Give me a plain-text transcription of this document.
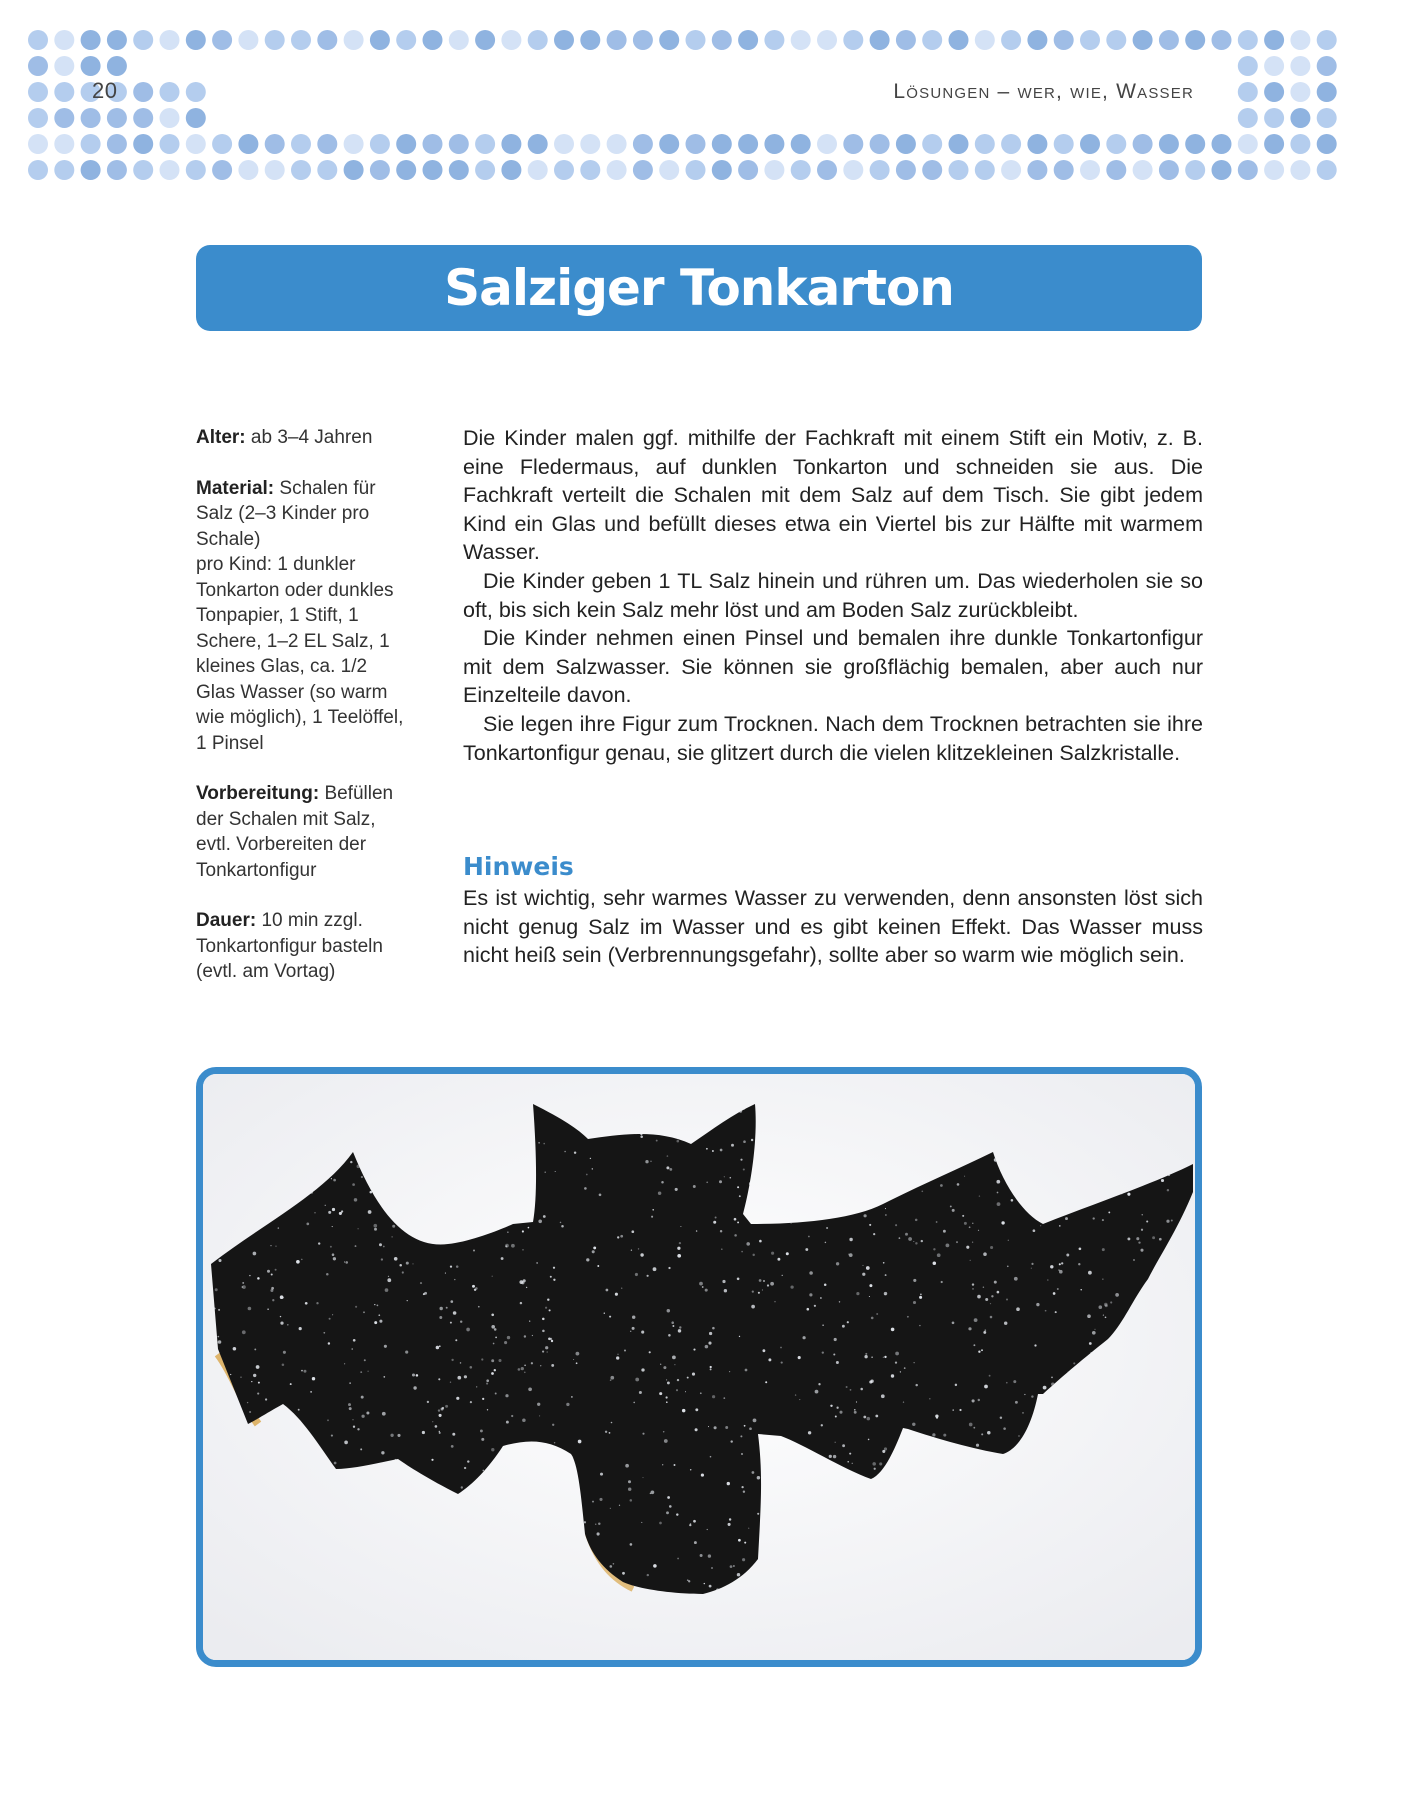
20	Lösungen – wer, wie, Wasser
Salziger Tonkarton

Alter: ab 3–4 Jahren

Material: Schalen für Salz (2–3 Kinder pro Schale)
pro Kind: 1 dunkler Tonkarton oder dunkles Tonpapier, 1 Stift, 1 Schere, 1–2 EL Salz, 1 kleines Glas, ca. 1/2 Glas Wasser (so warm wie möglich), 1 Teelöffel, 1 Pinsel

Vorbereitung: Befüllen der Schalen mit Salz, evtl. Vorbereiten der Tonkartonfigur

Dauer: 10 min zzgl. Tonkartonfigur basteln (evtl. am Vortag)

Die Kinder malen ggf. mithilfe der Fachkraft mit einem Stift ein Motiv, z. B. eine Fledermaus, auf dunklen Tonkarton und schneiden sie aus. Die Fachkraft verteilt die Schalen mit dem Salz auf dem Tisch. Sie gibt jedem Kind ein Glas und befüllt dieses etwa ein Viertel bis zur Hälfte mit warmem Wasser.

Die Kinder geben 1 TL Salz hinein und rühren um. Das wiederholen sie so oft, bis sich kein Salz mehr löst und am Boden Salz zurückbleibt.

Die Kinder nehmen einen Pinsel und bemalen ihre dunkle Tonkartonfigur mit dem Salzwasser. Sie können sie großflächig bemalen, aber auch nur Einzelteile davon.

Sie legen ihre Figur zum Trocknen. Nach dem Trocknen betrachten sie ihre Tonkartonfigur genau, sie glitzert durch die vielen klitzekleinen Salzkristalle.

Hinweis

Es ist wichtig, sehr warmes Wasser zu verwenden, denn ansonsten löst sich nicht genug Salz im Wasser und es gibt keinen Effekt. Das Wasser muss nicht heiß sein (Verbrennungsgefahr), sollte aber so warm wie möglich sein.
